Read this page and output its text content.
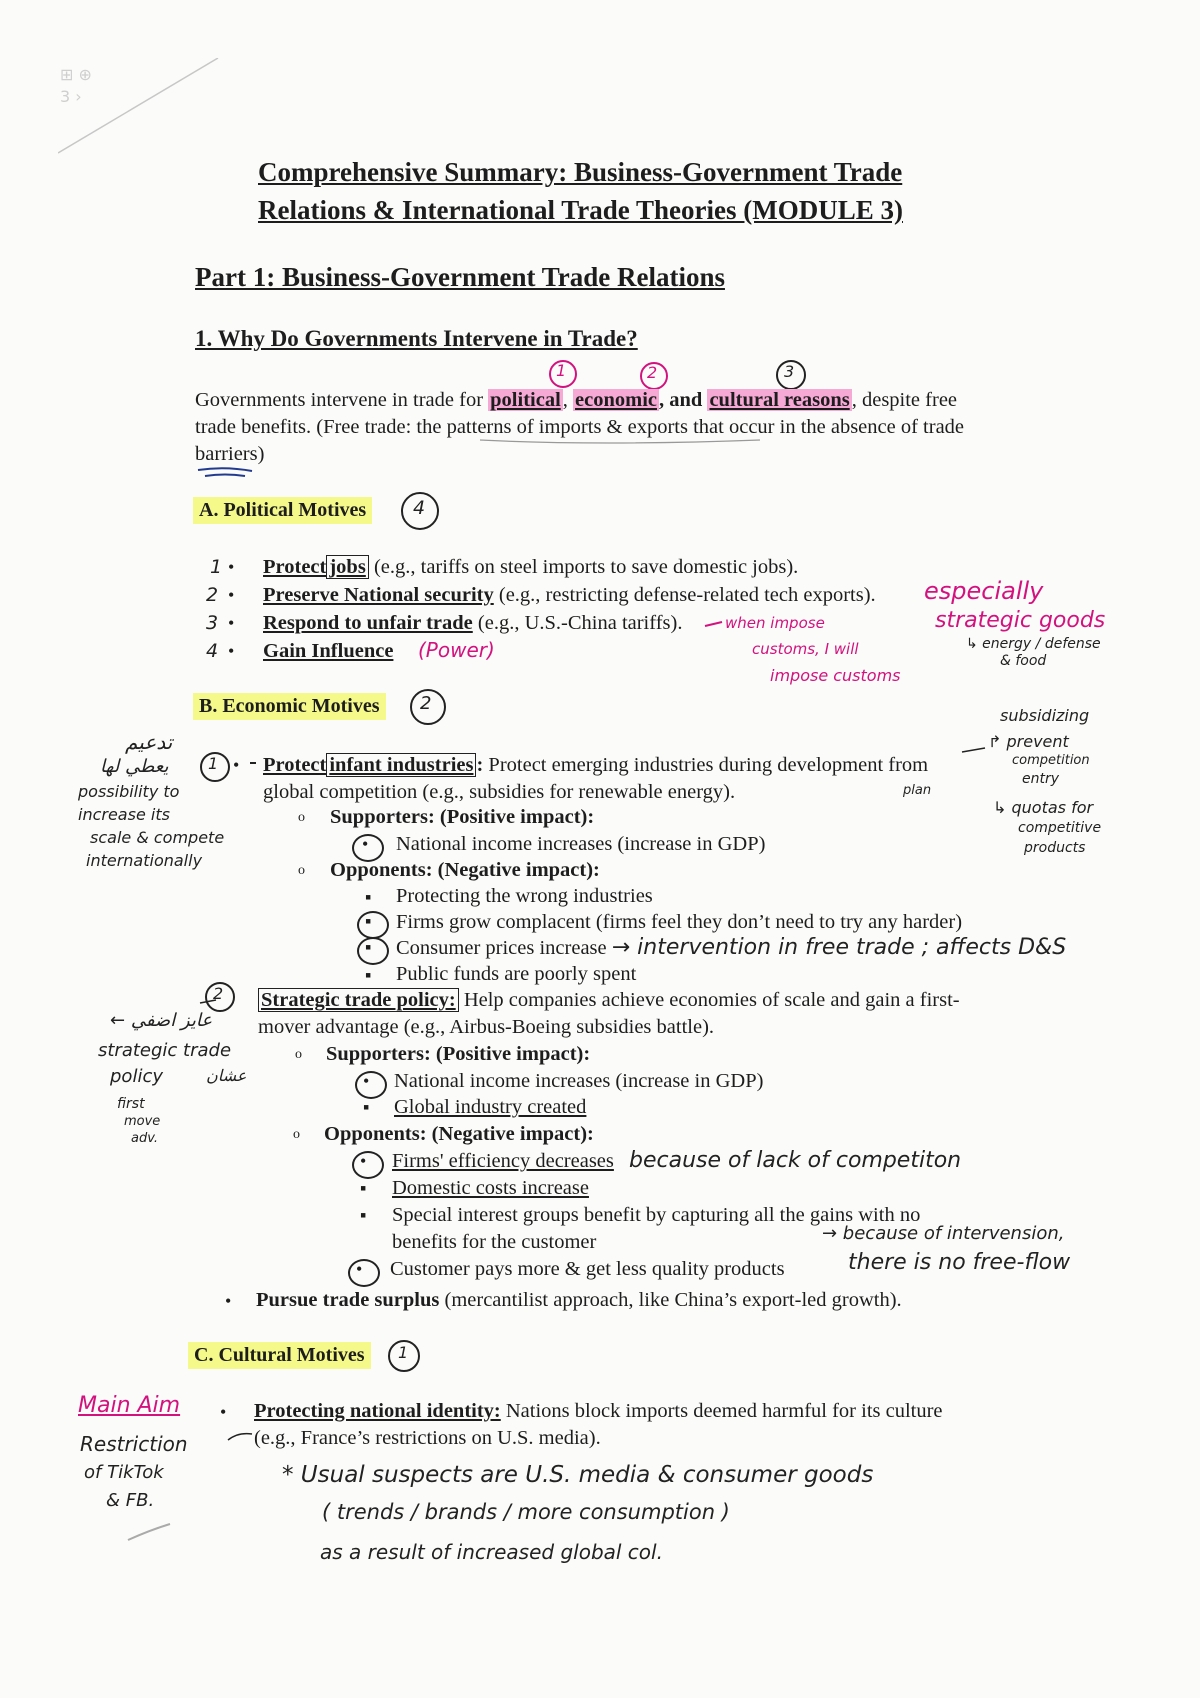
⊞ ⊕
3 ›
Comprehensive Summary: Business-Government Trade
Relations & International Trade Theories (MODULE 3)
Part 1: Business-Government Trade Relations
1. Why Do Governments Intervene in Trade?
1	2	3
Governments intervene in trade for political, economic, and cultural reasons, despite free
trade benefits. (Free trade: the patterns of imports & exports that occur in the absence of trade
barriers)
A. Political Motives	4
1 • Protect jobs (e.g., tariffs on steel imports to save domestic jobs).
2 • Preserve National security (e.g., restricting defense-related tech exports).
3 • Respond to unfair trade (e.g., U.S.-China tariffs).
4 • Gain Influence (Power)
especially
strategic goods
↳ energy / defense
& food
when impose
customs, I will
impose customs
B. Economic Motives	2
1 • Protect infant industries : Protect emerging industries during development from
global competition (e.g., subsidies for renewable energy).
o Supporters: (Positive impact):
• National income increases (increase in GDP)
o Opponents: (Negative impact):
▪ Protecting the wrong industries
▪ Firms grow complacent (firms feel they don’t need to try any harder)
▪ Consumer prices increase → intervention in free trade ; affects D&S
▪ Public funds are poorly spent
2 Strategic trade policy: Help companies achieve economies of scale and gain a first-
mover advantage (e.g., Airbus-Boeing subsidies battle).
o Supporters: (Positive impact):
• National income increases (increase in GDP)
▪ Global industry created
o Opponents: (Negative impact):
• Firms' efficiency decreases because of lack of competiton
▪ Domestic costs increase
▪ Special interest groups benefit by capturing all the gains with no
benefits for the customer	→ because of intervension,
• Customer pays more & get less quality products	there is no free-flow
• Pursue trade surplus (mercantilist approach, like China’s export-led growth).
تدعيم
يعطي لها
possibility to
increase its
scale & compete
internationally
subsidizing
↱ prevent
competition
entry
↳ quotas for
competitive
products
plan
← عايز اضفي
strategic trade
policy	عشان
first
move
adv.
C. Cultural Motives	1
Main Aim • Protecting national identity: Nations block imports deemed harmful for its culture
(e.g., France’s restrictions on U.S. media).
Restriction
of TikTok
& FB.
* Usual suspects are U.S. media & consumer goods
( trends / brands / more consumption )
as a result of increased global col.
